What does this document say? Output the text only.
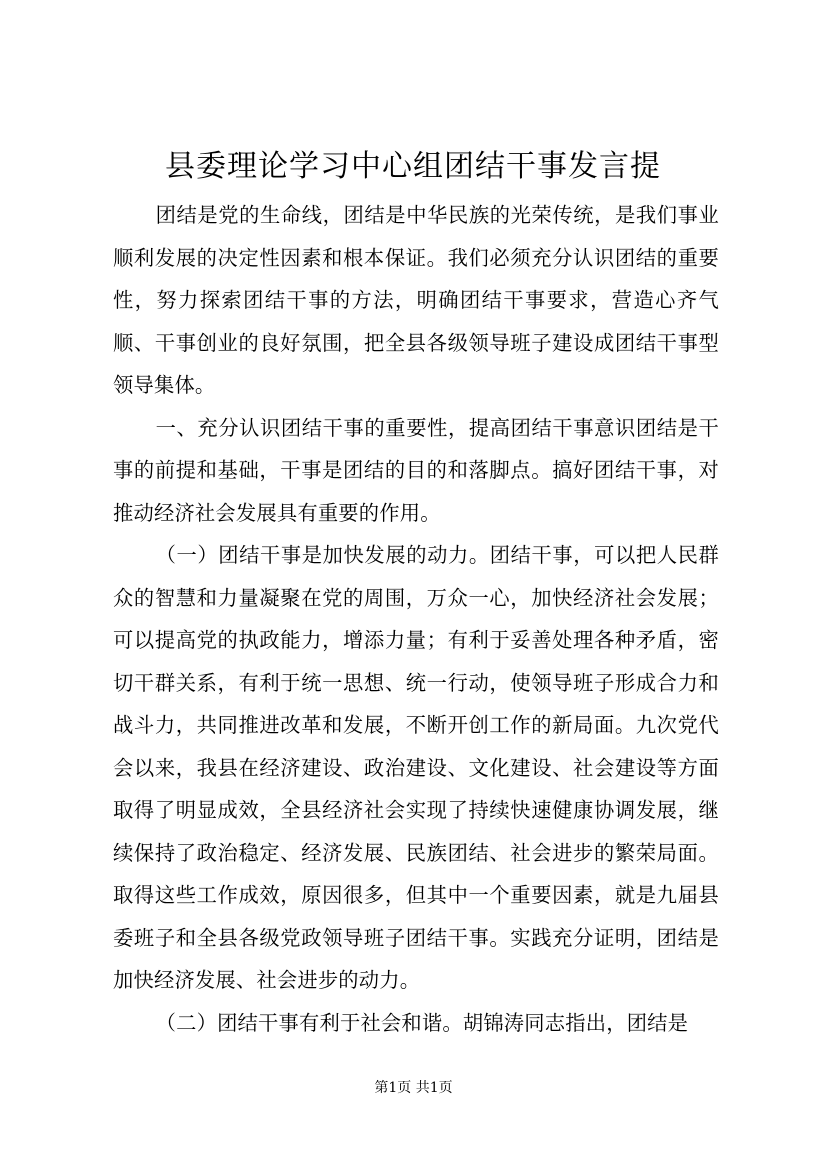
县委理论学习中心组团结干事发言提

团结是党的生命线，团结是中华民族的光荣传统，是我们事业顺利发展的决定性因素和根本保证。我们必须充分认识团结的重要性，努力探索团结干事的方法，明确团结干事要求，营造心齐气顺、干事创业的良好氛围，把全县各级领导班子建设成团结干事型领导集体。

一、充分认识团结干事的重要性，提高团结干事意识团结是干事的前提和基础，干事是团结的目的和落脚点。搞好团结干事，对推动经济社会发展具有重要的作用。

（一）团结干事是加快发展的动力。团结干事，可以把人民群众的智慧和力量凝聚在党的周围，万众一心，加快经济社会发展；可以提高党的执政能力，增添力量；有利于妥善处理各种矛盾，密切干群关系，有利于统一思想、统一行动，使领导班子形成合力和战斗力，共同推进改革和发展，不断开创工作的新局面。九次党代会以来，我县在经济建设、政治建设、文化建设、社会建设等方面取得了明显成效，全县经济社会实现了持续快速健康协调发展，继续保持了政治稳定、经济发展、民族团结、社会进步的繁荣局面。取得这些工作成效，原因很多，但其中一个重要因素，就是九届县委班子和全县各级党政领导班子团结干事。实践充分证明，团结是加快经济发展、社会进步的动力。

（二）团结干事有利于社会和谐。胡锦涛同志指出，团结是

第1页 共1页
